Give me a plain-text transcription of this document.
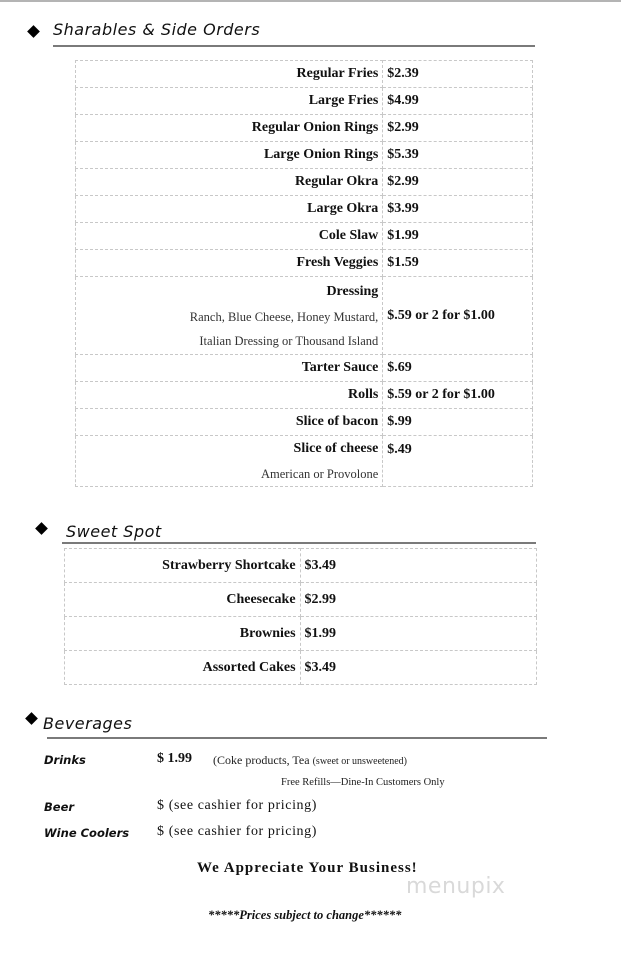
Sharables & Side Orders
Regular Fries	$2.39
Large Fries	$4.99
Regular Onion Rings	$2.99
Large Onion Rings	$5.39
Regular Okra	$2.99
Large Okra	$3.99
Cole Slaw	$1.99
Fresh Veggies	$1.59

Dressing
Ranch, Blue Cheese, Honey Mustard,
Italian Dressing or Thousand Island	$.59 or 2 for $1.00
Tarter Sauce	$.69
Rolls	$.59 or 2 for $1.00
Slice of bacon	$.99

Slice of cheese
American or Provolone	$.49
Sweet Spot
Strawberry Shortcake	$3.49
Cheesecake	$2.99
Brownies	$1.99
Assorted Cakes	$3.49
Beverages
Drinks	$ 1.99 (Coke products, Tea (sweet or unsweetened)
Free Refills—Dine-In Customers Only
Beer	$ (see cashier for pricing)
Wine Coolers $ (see cashier for pricing)
We Appreciate Your Business!
menupix
*****Prices subject to change******
